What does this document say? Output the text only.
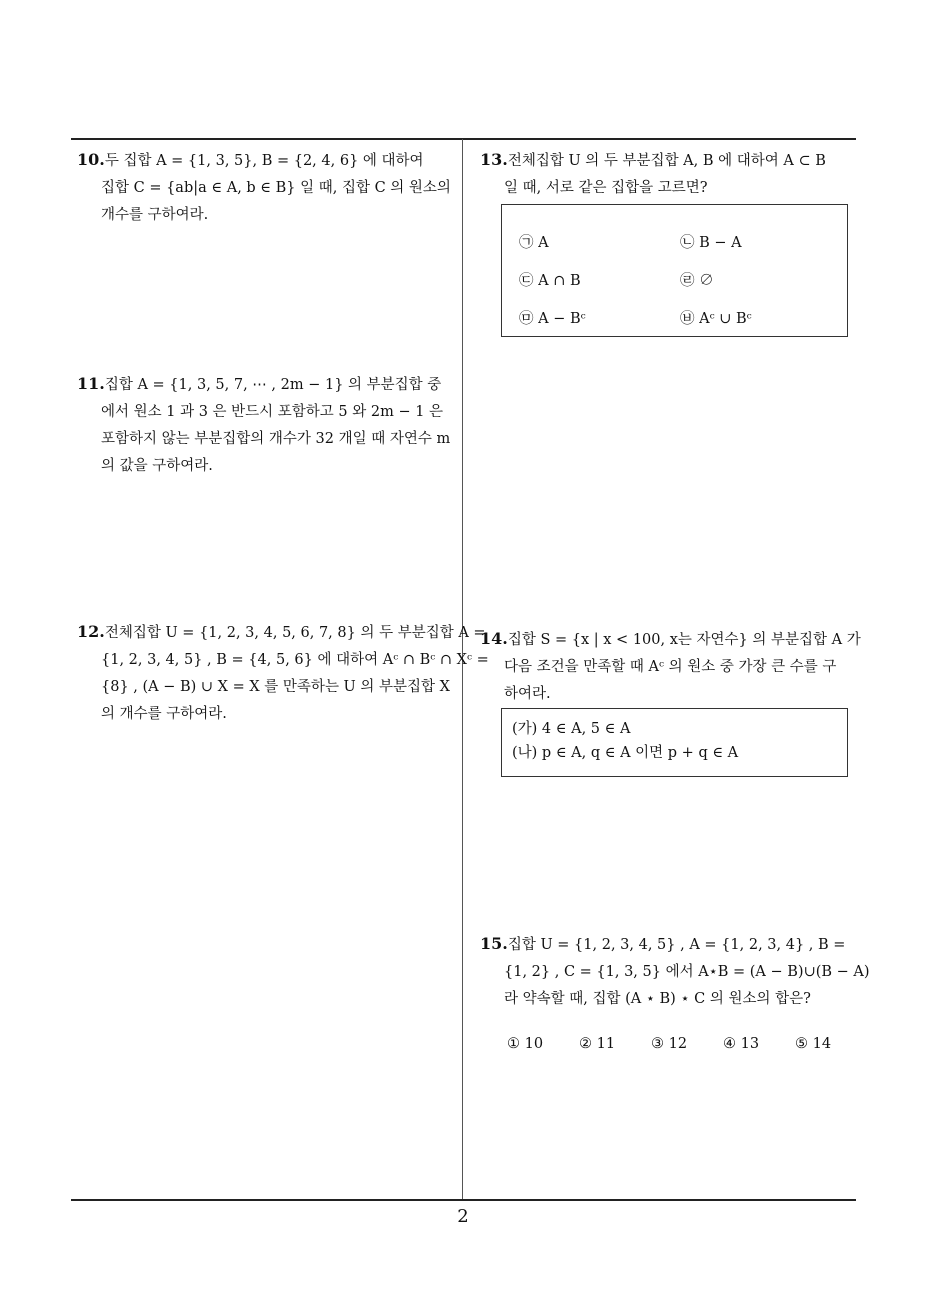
10.두 집합 A = {1, 3, 5}, B = {2, 4, 6} 에 대하여
집합 C = {ab|a ∈ A, b ∈ B} 일 때, 집합 C 의 원소의
개수를 구하여라.
11.집합 A = {1, 3, 5, 7, ⋯ , 2m − 1} 의 부분집합 중
에서 원소 1 과 3 은 반드시 포함하고 5 와 2m − 1 은
포함하지 않는 부분집합의 개수가 32 개일 때 자연수 m
의 값을 구하여라.
12.전체집합 U = {1, 2, 3, 4, 5, 6, 7, 8} 의 두 부분집합 A =
{1, 2, 3, 4, 5} , B = {4, 5, 6} 에 대하여 Aᶜ ∩ Bᶜ ∩ Xᶜ =
{8} , (A − B) ∪ X = X 를 만족하는 U 의 부분집합 X
의 개수를 구하여라.
13.전체집합 U 의 두 부분집합 A, B 에 대하여 A ⊂ B
일 때, 서로 같은 집합을 고르면?
㉠ A	㉡ B − A
㉢ A ∩ B	㉣ ∅
㉤ A − Bᶜ	㉥ Aᶜ ∪ Bᶜ
14.집합 S = {x | x < 100, x는 자연수} 의 부분집합 A 가
다음 조건을 만족할 때 Aᶜ 의 원소 중 가장 큰 수를 구
하여라.
(가) 4 ∈ A, 5 ∈ A
(나) p ∈ A, q ∈ A 이면 p + q ∈ A
15.집합 U = {1, 2, 3, 4, 5} , A = {1, 2, 3, 4} , B =
{1, 2} , C = {1, 3, 5} 에서 A⋆B = (A − B)∪(B − A)
라 약속할 때, 집합 (A ⋆ B) ⋆ C 의 원소의 합은?
① 10 ② 11 ③ 12 ④ 13 ⑤ 14
2
